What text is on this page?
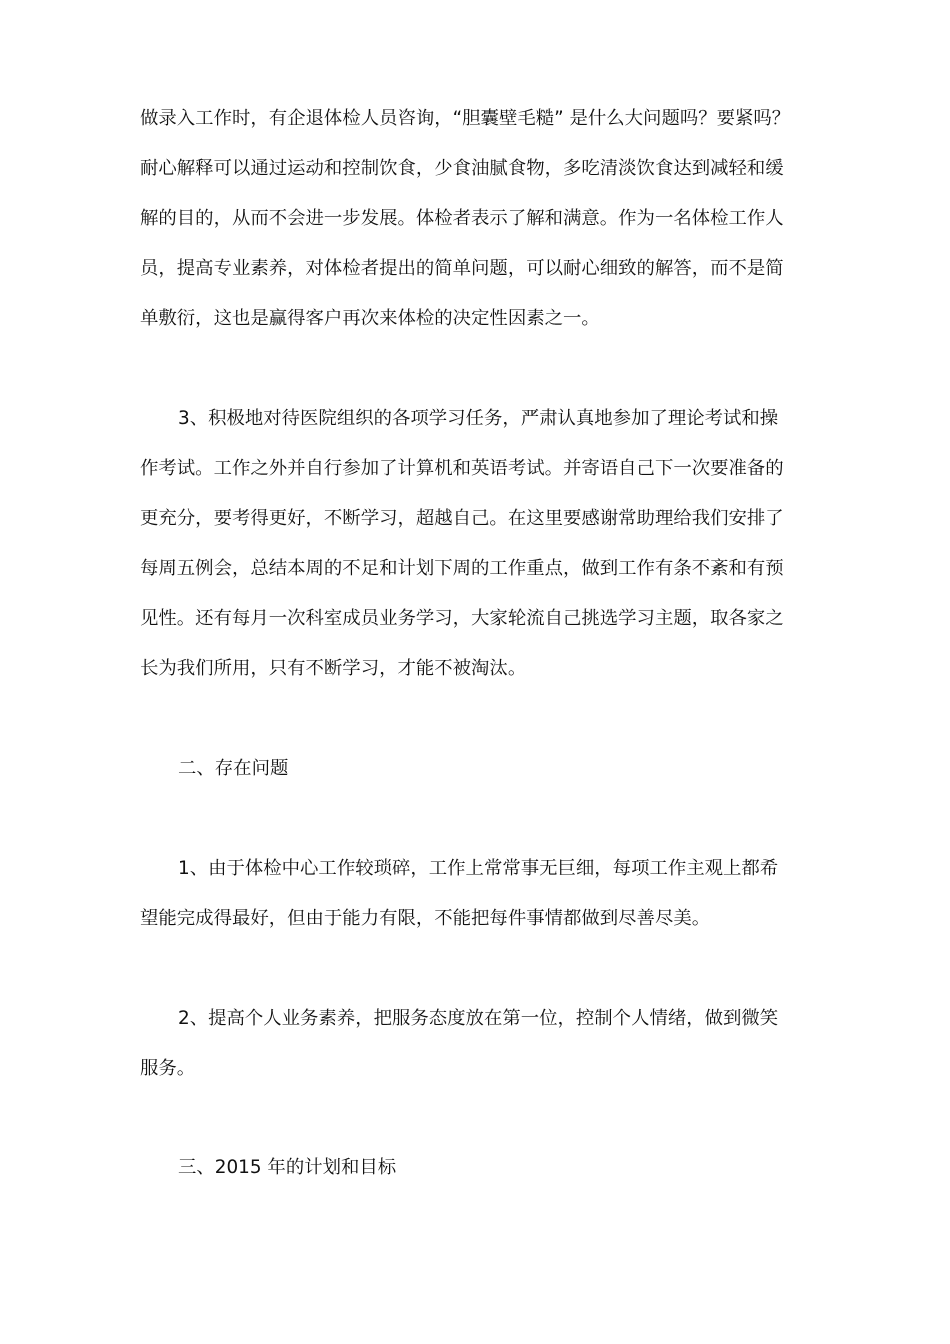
做录入工作时，有企退体检人员咨询，“胆囊壁毛糙” 是什么大问题吗？要紧吗？
耐心解释可以通过运动和控制饮食，少食油腻食物，多吃清淡饮食达到减轻和缓
解的目的，从而不会进一步发展。体检者表示了解和满意。作为一名体检工作人
员，提高专业素养，对体检者提出的简单问题，可以耐心细致的解答，而不是简
单敷衍，这也是赢得客户再次来体检的决定性因素之一。
3、积极地对待医院组织的各项学习任务，严肃认真地参加了理论考试和操
作考试。工作之外并自行参加了计算机和英语考试。并寄语自己下一次要准备的
更充分，要考得更好，不断学习，超越自己。在这里要感谢常助理给我们安排了
每周五例会，总结本周的不足和计划下周的工作重点，做到工作有条不紊和有预
见性。还有每月一次科室成员业务学习，大家轮流自己挑选学习主题，取各家之
长为我们所用，只有不断学习，才能不被淘汰。
二、存在问题
1、由于体检中心工作较琐碎，工作上常常事无巨细，每项工作主观上都希
望能完成得最好，但由于能力有限，不能把每件事情都做到尽善尽美。
2、提高个人业务素养，把服务态度放在第一位，控制个人情绪，做到微笑
服务。
三、2015 年的计划和目标
